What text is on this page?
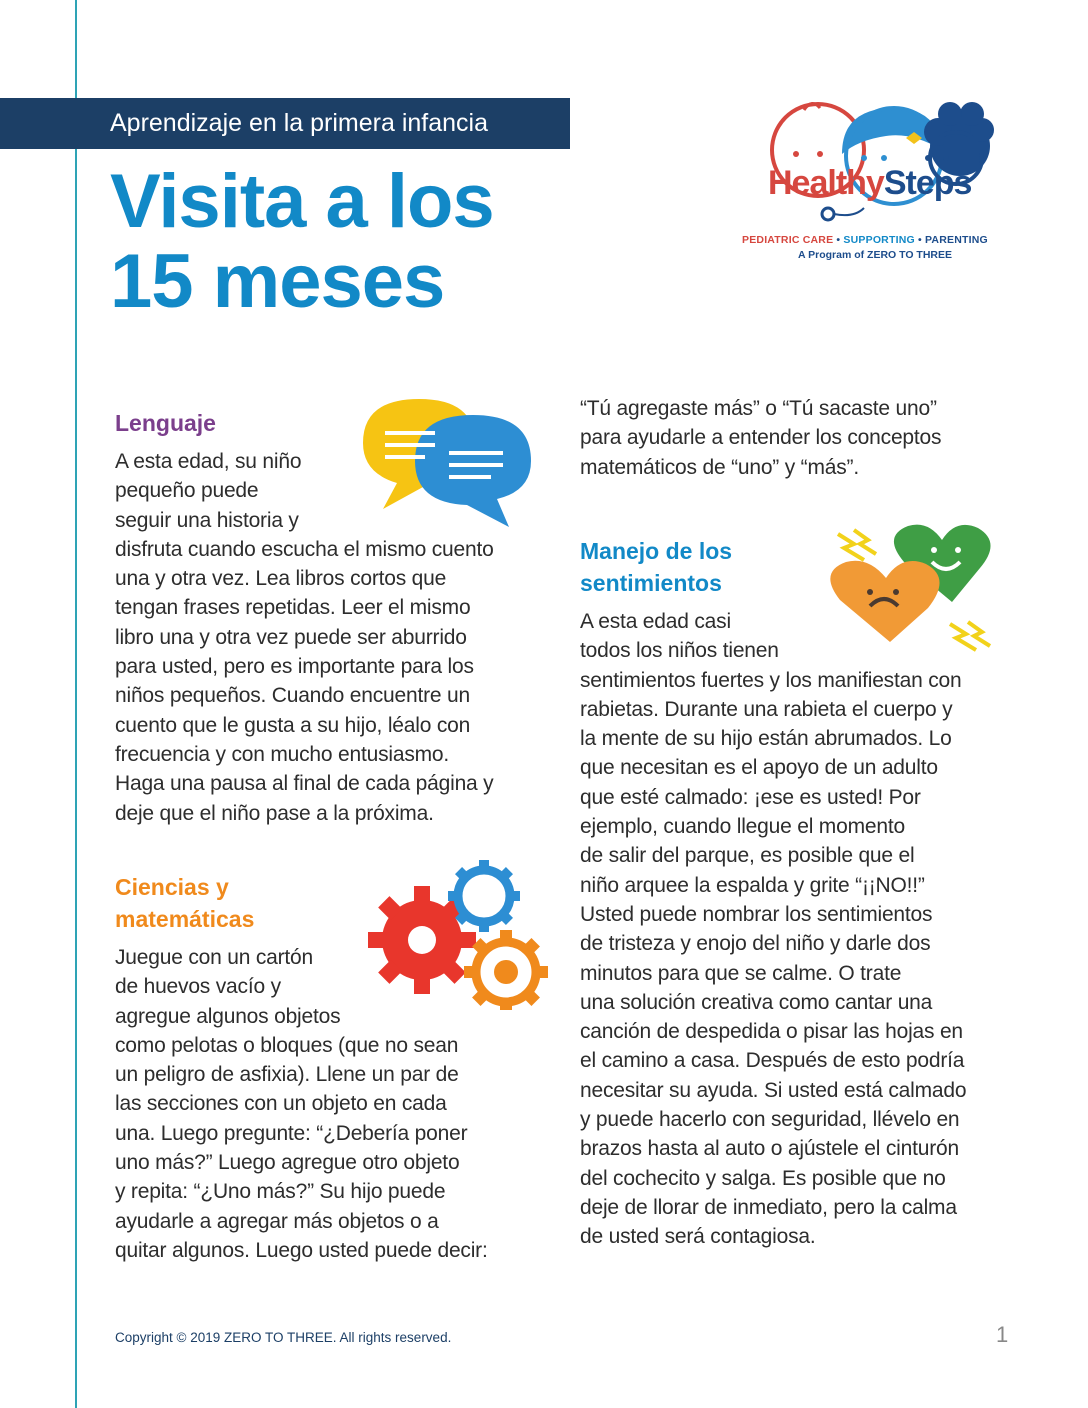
Aprendizaje en la primera infancia
Visita a los
15 meses
HealthySteps
PEDIATRIC CARE • SUPPORTING • PARENTING
A Program of ZERO TO THREE
Lenguaje
A esta edad, su niño
pequeño puede
seguir una historia y
disfruta cuando escucha el mismo cuento
una y otra vez. Lea libros cortos que
tengan frases repetidas. Leer el mismo
libro una y otra vez puede ser aburrido
para usted, pero es importante para los
niños pequeños. Cuando encuentre un
cuento que le gusta a su hijo, léalo con
frecuencia y con mucho entusiasmo.
Haga una pausa al final de cada página y
deje que el niño pase a la próxima.
Ciencias y
matemáticas
Juegue con un cartón
de huevos vacío y
agregue algunos objetos
como pelotas o bloques (que no sean
un peligro de asfixia). Llene un par de
las secciones con un objeto en cada
una. Luego pregunte: “¿Debería poner
uno más?” Luego agregue otro objeto
y repita: “¿Uno más?” Su hijo puede
ayudarle a agregar más objetos o a
quitar algunos. Luego usted puede decir:
“Tú agregaste más” o “Tú sacaste uno”
para ayudarle a entender los conceptos
matemáticos de “uno” y “más”.
Manejo de los
sentimientos
A esta edad casi
todos los niños tienen
sentimientos fuertes y los manifiestan con
rabietas. Durante una rabieta el cuerpo y
la mente de su hijo están abrumados. Lo
que necesitan es el apoyo de un adulto
que esté calmado: ¡ese es usted! Por
ejemplo, cuando llegue el momento
de salir del parque, es posible que el
niño arquee la espalda y grite “¡¡NO!!”
Usted puede nombrar los sentimientos
de tristeza y enojo del niño y darle dos
minutos para que se calme. O trate
una solución creativa como cantar una
canción de despedida o pisar las hojas en
el camino a casa. Después de esto podría
necesitar su ayuda. Si usted está calmado
y puede hacerlo con seguridad, llévelo en
brazos hasta al auto o ajústele el cinturón
del cochecito y salga. Es posible que no
deje de llorar de inmediato, pero la calma
de usted será contagiosa.
Copyright © 2019 ZERO TO THREE. All rights reserved.	1
